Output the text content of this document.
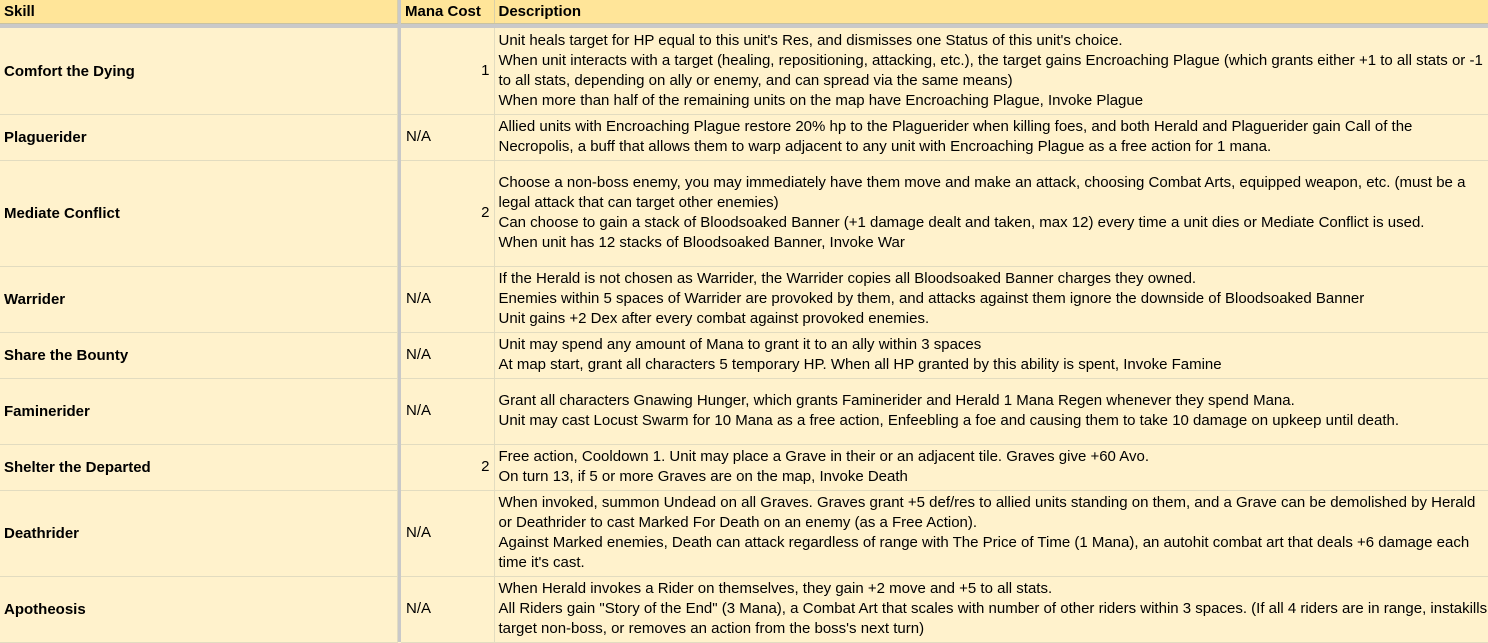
Skill		Mana Cost	Description

Comfort the Dying		1	Unit heals target for HP equal to this unit's Res, and dismisses one Status of this unit's choice.
When unit interacts with a target (healing, repositioning, attacking, etc.), the target gains Encroaching Plague (which grants either +1 to all stats or -1 to all stats, depending on ally or enemy, and can spread via the same means)
When more than half of the remaining units on the map have Encroaching Plague, Invoke Plague

Plaguerider		N/A	Allied units with Encroaching Plague restore 20% hp to the Plaguerider when killing foes, and both Herald and Plaguerider gain Call of the Necropolis, a buff that allows them to warp adjacent to any unit with Encroaching Plague as a free action for 1 mana.

Mediate Conflict		2	Choose a non-boss enemy, you may immediately have them move and make an attack, choosing Combat Arts, equipped weapon, etc. (must be a legal attack that can target other enemies)
Can choose to gain a stack of Bloodsoaked Banner (+1 damage dealt and taken, max 12) every time a unit dies or Mediate Conflict is used.
When unit has 12 stacks of Bloodsoaked Banner, Invoke War

Warrider		N/A	If the Herald is not chosen as Warrider, the Warrider copies all Bloodsoaked Banner charges they owned.
Enemies within 5 spaces of Warrider are provoked by them, and attacks against them ignore the downside of Bloodsoaked Banner
Unit gains +2 Dex after every combat against provoked enemies.

Share the Bounty		N/A	Unit may spend any amount of Mana to grant it to an ally within 3 spaces
At map start, grant all characters 5 temporary HP. When all HP granted by this ability is spent, Invoke Famine

Faminerider		N/A	Grant all characters Gnawing Hunger, which grants Faminerider and Herald 1 Mana Regen whenever they spend Mana.
Unit may cast Locust Swarm for 10 Mana as a free action, Enfeebling a foe and causing them to take 10 damage on upkeep until death.

Shelter the Departed		2	Free action, Cooldown 1. Unit may place a Grave in their or an adjacent tile. Graves give +60 Avo.
On turn 13, if 5 or more Graves are on the map, Invoke Death

Deathrider		N/A	When invoked, summon Undead on all Graves. Graves grant +5 def/res to allied units standing on them, and a Grave can be demolished by Herald or Deathrider to cast Marked For Death on an enemy (as a Free Action).
Against Marked enemies, Death can attack regardless of range with The Price of Time (1 Mana), an autohit combat art that deals +6 damage each time it's cast.

Apotheosis		N/A	When Herald invokes a Rider on themselves, they gain +2 move and +5 to all stats.
All Riders gain "Story of the End" (3 Mana), a Combat Art that scales with number of other riders within 3 spaces. (If all 4 riders are in range, instakills target non-boss, or removes an action from the boss's next turn)
